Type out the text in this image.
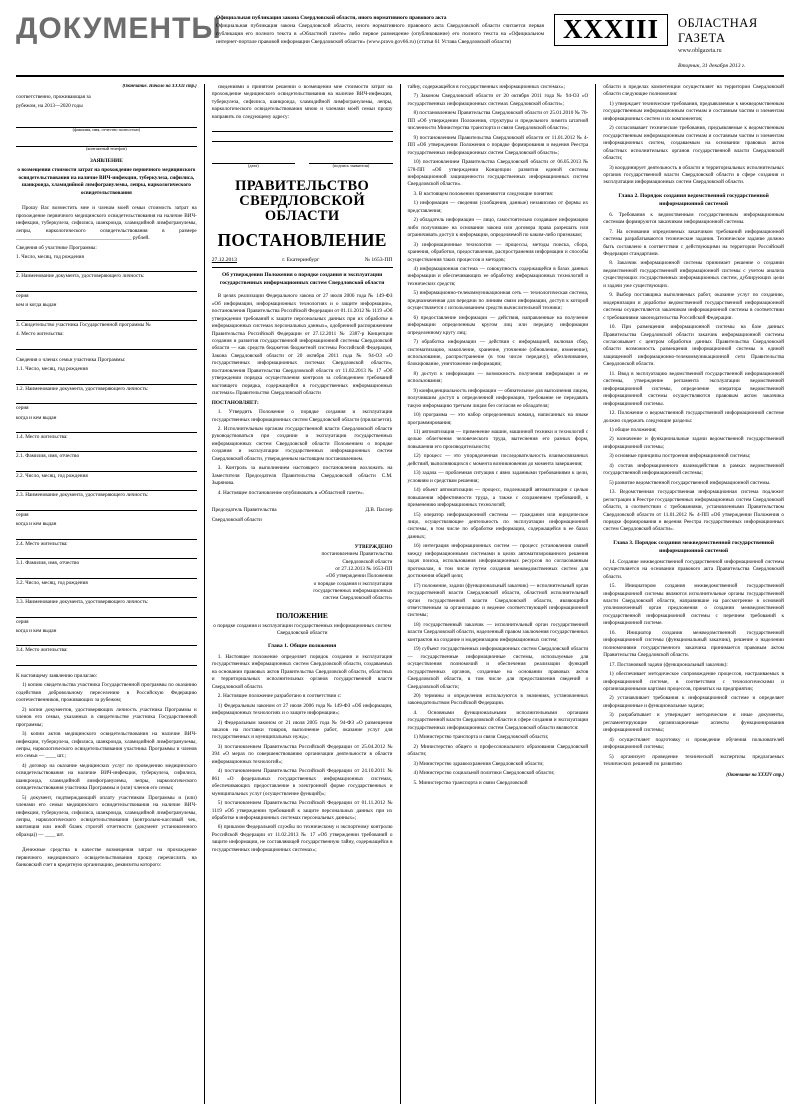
ДОКУМЕНТЫ
Официальная публикация закона Свердловской области, иного нормативного правового акта
Официальная публикация закона Свердловской области, иного нормативного правового акта Свердловской области считается первая публикация его полного текста в «Областной газете» либо первое размещение (опубликование) его полного текста на «Официальном интернет-портале правовой информации Свердловской области» (www.pravo.gov66.ru) (статья 61 Устава Свердловской области)	XXXIII	ОБЛАСТНАЯ ГАЗЕТА
www.oblgazeta.ru
Вторник, 31 декабря 2013 г.
(Окончание. Начало на XXXII стр.)

соответственно, проживающая за

рубежом, на 2013—2020 годы

(фамилия, имя, отчество полностью)
(контактный телефон)

ЗАЯВЛЕНИЕ

о возмещении стоимости затрат на прохождение первичного медицинского освидетельствования на наличие ВИЧ-инфекции, туберкулеза, сифилиса, шанкроида, хламидийной лимфогранулемы, лепры, наркологического освидетельствования

Прошу Вас возместить мне и членам моей семьи стоимость затрат на прохождение первичного медицинского освидетельствования на наличие ВИЧ-инфекции, туберкулеза, сифилиса, шанкроида, хламидийной лимфогранулемы, лепры, наркологического освидетельствования в размере ____________________________________________ рублей.

Сведения об участнике Программы:

1. Число, месяц, год рождения

2. Наименование документа, удостоверяющего личность:

серия

кем и когда выдан

3. Свидетельство участника Государственной программы №

4. Место жительства:

Сведения о членах семьи участника Программы:

1.1. Число, месяц, год рождения

1.2. Наименование документа, удостоверяющего личность:

серия

когда и кем выдан

1.4. Место жительства:

2.1. Фамилия, имя, отчество

2.2. Число, месяц, год рождения

2.3. Наименование документа, удостоверяющего личность:

серия

когда и кем выдан

2.4. Место жительства:

3.1. Фамилия, имя, отчество

3.2. Число, месяц, год рождения

3.3. Наименование документа, удостоверяющего личность:

серия

когда и кем выдан

3.4. Место жительства:

К настоящему заявлению прилагаю:

1) копию свидетельства участника Государственной программы по оказанию содействия добровольному переселению в Российскую Федерацию соотечественников, проживающих за рубежом;

2) копии документов, удостоверяющих личность участника Программы и членов его семьи, указанных в свидетельстве участника Государственной программы;

3) копии актов медицинского освидетельствования на наличие ВИЧ-инфекции, туберкулеза, сифилиса, шанкроида, хламидийной лимфогранулемы, лепры, наркологического освидетельствования участника Программы и членов его семьи — ____ шт.;

4) договор на оказание медицинских услуг по проведению медицинского освидетельствования на наличие ВИЧ-инфекции, туберкулеза, сифилиса, шанкроида, хламидийной лимфогранулемы, лепры, наркологического освидетельствования участника Программы и (или) членов его семьи;

5) документ, подтверждающий оплату участником Программы и (или) членами его семьи медицинского освидетельствования на наличие ВИЧ-инфекции, туберкулеза, сифилиса, шанкроида, хламидийной лимфогранулемы, лепры, наркологического освидетельствования (контрольно-кассовый чек, квитанция или иной бланк строгой отчетности (документ установленного образца)) — ____ шт.

Денежные средства в качестве возмещения затрат на прохождение первичного медицинского освидетельствования прошу перечислить на банковский счет в кредитную организацию, реквизиты которого:

сведениями о принятом решении о возмещении мне стоимости затрат на прохождение медицинского освидетельствования на наличие ВИЧ-инфекции, туберкулеза, сифилиса, шанкроида, хламидийной лимфогранулемы, лепры, наркологического освидетельствования мною и членами моей семьи прошу направить по следующему адресу:

(дата)	(подпись заявителя)
ПРАВИТЕЛЬСТВО
СВЕРДЛОВСКОЙ
ОБЛАСТИ
ПОСТАНОВЛЕНИЕ
27.12.2013	г. Екатеринбург	№ 1653-ПП
Об утверждении Положения о порядке создания и эксплуатации государственных информационных систем Свердловской области

В целях реализации Федерального закона от 27 июля 2006 года № 149-ФЗ «Об информации, информационных технологиях и о защите информации», постановления Правительства Российской Федерации от 01.11.2012 № 1119 «Об утверждении требований к защите персональных данных при их обработке в информационных системах персональных данных», одобренной распоряжением Правительства Российской Федерации от 27.12.2011 № 2387-р Концепции создания и развития государственной информационной системы Свердловской области — как средств бюджетов бюджетной системы Российской Федерации, Закона Свердловской области от 20 октября 2011 года № 94-ОЗ «О государственных информационных системах Свердловской области», постановления Правительства Свердловской области от 11.02.2013 № 17 «Об утверждении порядка осуществления контроля за соблюдением требований настоящего порядка, содержащейся в государственных информационных системах» Правительство Свердловской области

ПОСТАНОВЛЯЕТ:

1. Утвердить Положение о порядке создания и эксплуатации государственных информационных систем Свердловской области (прилагается).

2. Исполнительным органам государственной власти Свердловской области руководствоваться при создании и эксплуатации государственных информационных систем Свердловской области Положением о порядке создания и эксплуатации государственных информационных систем Свердловской области, утвержденным настоящим постановлением.

3. Контроль за выполнением настоящего постановления возложить на Заместителя Председателя Правительства Свердловской области С.М. Зырянова.

4. Настоящее постановление опубликовать в «Областной газете».

Председатель Правительства

Свердловской области

Д.В. Паслер

УТВЕРЖДЕНО
постановлением Правительства
Свердловской области
от 27.12.2013 № 1653-ПП
«Об утверждении Положения
о порядке создания и эксплуатации
государственных информационных
систем Свердловской области»
ПОЛОЖЕНИЕ
о порядке создания и эксплуатации государственных информационных систем Свердловской области
Глава 1. Общие положения

1. Настоящее положение определяет порядок создания и эксплуатации государственных информационных систем Свердловской области, создаваемых на основании правовых актов Правительства Свердловской области, областных и территориальных исполнительных органов государственной власти Свердловской области.

2. Настоящее положение разработано в соответствии с:

1) Федеральным законом от 27 июля 2006 года № 149-ФЗ «Об информации, информационных технологиях и о защите информации»;

2) Федеральным законом от 21 июля 2005 года № 94-ФЗ «О размещении заказов на поставки товаров, выполнение работ, оказание услуг для государственных и муниципальных нужд»;

3) постановлением Правительства Российской Федерации от 25.04.2012 № 394 «О мерах по совершенствованию организации деятельности в области информационных технологий»;

4) постановлением Правительства Российской Федерации от 24.10.2011 № 861 «О федеральных государственных информационных системах, обеспечивающих предоставление в электронной форме государственных и муниципальных услуг (осуществление функций)»;

5) постановлением Правительства Российской Федерации от 01.11.2012 № 1119 «Об утверждении требований к защите персональных данных при их обработке в информационных системах персональных данных»;

6) приказом Федеральной службы по техническому и экспортному контролю Российской Федерации от 11.02.2013 № 17 «Об утверждении требований о защите информации, не составляющей государственную тайну, содержащейся в государственных информационных системах»;

тайну, содержащейся в государственных информационных системах»;

7) Законом Свердловской области от 20 октября 2011 года № 94-ОЗ «О государственных информационных системах Свердловской области»;

8) постановлением Правительства Свердловской области от 25.01.2010 № 76-ПП «Об утверждении Положения, структуры и предельного лимита штатной численности Министерства транспорта и связи Свердловской области»;

9) постановлением Правительства Свердловской области от 11.01.2012 № 4-ПП «Об утверждении Положения о порядке формирования и ведения Реестра государственных информационных систем Свердловской области»;

10) постановлением Правительства Свердловской области от 06.05.2013 № 578-ПП «Об утверждении Концепции развития единой системы информационной защищенности государственных информационных систем Свердловской области».

3. В настоящем положении применяются следующие понятия:

1) информация — сведения (сообщения, данные) независимо от формы их представления;

2) обладатель информации — лицо, самостоятельно создавшее информацию либо получившее на основании закона или договора права разрешать или ограничивать доступ к информации, определяемой по каким-либо признакам;

3) информационные технологии — процессы, методы поиска, сбора, хранения, обработки, предоставления, распространения информации и способы осуществления таких процессов и методов;

4) информационная система — совокупность содержащейся в базах данных информации и обеспечивающих ее обработку информационных технологий и технических средств;

5) информационно-телекоммуникационная сеть — технологическая система, предназначенная для передачи по линиям связи информации, доступ к которой осуществляется с использованием средств вычислительной техники;

6) предоставление информации — действия, направленные на получение информации определенным кругом лиц или передачу информации определенному кругу лиц;

7) обработка информации — действия с информацией, включая сбор, систематизацию, накопление, хранение, уточнение (обновление, изменение), использование, распространение (в том числе передачу), обезличивание, блокирование, уничтожение информации;

8) доступ к информации — возможность получения информации и ее использования;

9) конфиденциальность информации — обязательное для выполнения лицом, получившим доступ к определенной информации, требование не передавать такую информацию третьим лицам без согласия ее обладателя;

10) программа — это набор определенных команд, написанных на языке программирования;

11) автоматизация — применение машин, машинной техники и технологий с целью облегчения человеческого труда, вытеснения его разных форм, повышения его производительности;

12) процесс — это упорядоченная последовательность взаимосвязанных действий, выполняющихся с момента возникновения до момента завершения;

13) задача — проблемная ситуация с явно заданными требованиями к цели, условиям и средствам решения;

14) объект автоматизации — процесс, подлежащий автоматизации с целью повышения эффективности труда, а также с сохранением требований, к применению информационных технологий;

15) оператор информационной системы — гражданин или юридическое лицо, осуществляющее деятельность по эксплуатации информационной системы, в том числе по обработке информации, содержащейся в ее базах данных;

16) интеграция информационных систем — процесс установления связей между информационными системами в целях автоматизированного решения задач поиска, использования информационных ресурсов по согласованным протоколам, в том числе путем создания межведомственных систем для достижения общей цели;

17) положение, задачи (функциональный заказчик) — исполнительный орган государственной власти Свердловской области, областной исполнительный орган государственной власти Свердловской области, являющийся ответственным за организацию и ведение соответствующей информационной системы;

18) государственный заказчик — исполнительный орган государственной власти Свердловской области, наделенный правом заключения государственных контрактов на создание и модернизацию информационных систем;

19) субъект государственных информационных систем Свердловской области — государственные информационные системы, используемые для осуществления полномочий и обеспечения реализации функций государственных органов, созданные на основании правовых актов Свердловской области, в том числе для предоставления сведений о Свердловской области;

20) термины и определения используются в значениях, установленных законодательством Российской Федерации.

4. Основными функциональными исполнительными органами государственной власти Свердловской области в сфере создания и эксплуатации государственных информационных систем Свердловской области являются:

1) Министерство транспорта и связи Свердловской области;

2) Министерство общего и профессионального образования Свердловской области;

3) Министерство здравоохранения Свердловской области;

4) Министерство социальной политики Свердловской области;

5. Министерство транспорта и связи Свердловской

области в пределах компетенции осуществляет на территории Свердловской области следующие полномочия:

1) утверждает технические требования, предъявляемые к межведомственным государственным информационным системам и составным частям и элементам информационных систем и их компонентов;

2) согласовывает технические требования, предъявляемые к ведомственным государственным информационным системам и составным частям и элементам информационных систем, создаваемым на основании правовых актов областных исполнительных органов государственной власти Свердловской области;

3) координирует деятельность в области и территориальных исполнительных органов государственной власти Свердловской области в сфере создания и эксплуатации информационных систем Свердловской области.

Глава 2. Порядок создания ведомственной государственной информационной системой

6. Требования к ведомственным государственным информационным системам формируются заказчиком информационной системы.

7. На основании определяемых заказчиком требований информационной системы разрабатываются технические задания. Техническое задание должно быть составлено в соответствии с действующими на территории Российской Федерации стандартами.

8. Заказчик информационной системы принимает решение о создании ведомственной государственной информационной системы с учетом анализа существующих государственных информационных систем, дублирующих цели и задачи уже существующих.

9. Выбор поставщика выполняемых работ, оказание услуг по созданию, модернизации и доработке ведомственной государственной информационной системы осуществляется заказчиком информационной системы в соответствии с требованиями законодательства Российской Федерации.

10. При размещении информационной системы на базе данных Правительства Свердловской области заказчик информационной системы согласовывает с центром обработки данных Правительства Свердловской области возможность размещения информационной системы в единой защищенной информационно-телекоммуникационной сети Правительства Свердловской области.

11. Ввод в эксплуатацию ведомственной государственной информационной системы, утверждение регламента эксплуатации ведомственной информационной системы, определение оператора ведомственной информационной системы осуществляются правовым актом заказчика информационной системы.

12. Положение о ведомственной государственной информационной системе должно содержать следующие разделы:

1) общие положения;

2) назначение и функциональные задачи ведомственной государственной информационной системы;

3) основные принципы построения информационной системы;

4) состав информационного взаимодействия в рамках ведомственной государственной информационной системы;

5) развитие ведомственной государственной информационной системы.

13. Ведомственная государственная информационная система подлежит регистрации в Реестре государственных информационных систем Свердловской области, в соответствии с требованиями, установленными Правительством Свердловской области от 11.01.2012 № 4-ПП «Об утверждении Положения о порядке формирования и ведения Реестра государственных информационных систем Свердловской области».

Глава 3. Порядок создания межведомственной государственной информационной системой

14. Создание межведомственной государственной информационной системы осуществляется на основании правового акта Правительства Свердловской области.

15. Инициатором создания межведомственной государственной информационной системы являются исполнительные органы государственной власти Свердловской области, направившие на рассмотрение в основной уполномоченный орган предложения о создании межведомственной государственной информационной системы с перечнем требований к информационной системе.

16. Инициатор создания межведомственной государственной информационной системы (функциональный заказчик), решение о наделении полномочиями государственного заказчика принимается правовым актом Правительства Свердловской области.

17. Постановкой задачи (функциональный заказчик):

1) обеспечивает методическое сопровождение процессов, настраиваемых в информационной системе, в соответствии с технологическими и организационными картами процессов, принятых на предприятии;

2) устанавливает требования к информационной системе и определяет информационные и функциональные задачи;

3) разрабатывает и утверждает методические и иные документы, регламентирующие организационные аспекты функционирования информационной системы;

4) осуществляет подготовку и проведение обучения пользователей информационной системы;

5) организует проведение технической экспертизы предлагаемых технических решений по развитию

(Окончание на XXXIV стр.)
